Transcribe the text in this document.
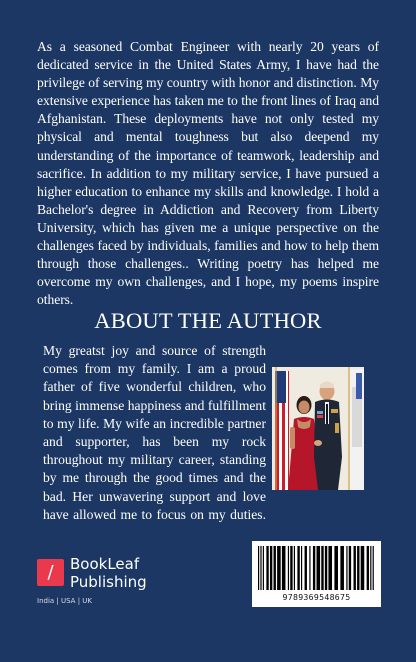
As a seasoned Combat Engineer with nearly 20 years of dedicated service in the United States Army, I have had the privilege of serving my country with honor and distinction. My extensive experience has taken me to the front lines of Iraq and Afghanistan. These deployments have not only tested my physical and mental toughness but also deepend my understanding of the importance of teamwork, leadership and sacrifice. In addition to my military service, I have pursued a higher education to enhance my skills and knowledge. I hold a Bachelor's degree in Addiction and Recovery from Liberty University, which has given me a unique perspective on the challenges faced by individuals, families and how to help them through those challenges.. Writing poetry has helped me overcome my own challenges, and I hope, my poems inspire others.

ABOUT THE AUTHOR

My greatst joy and source of strength comes from my family. I am a proud father of five wonderful children, who bring immense happiness and fulfillment to my life. My wife an incredible partner and supporter, has been my rock throughout my military career, standing by me through the good times and the bad. Her unwavering support and love have allowed me to focus on my duties.

/	BookLeaf
Publishing
India | USA | UK	9789369548675
